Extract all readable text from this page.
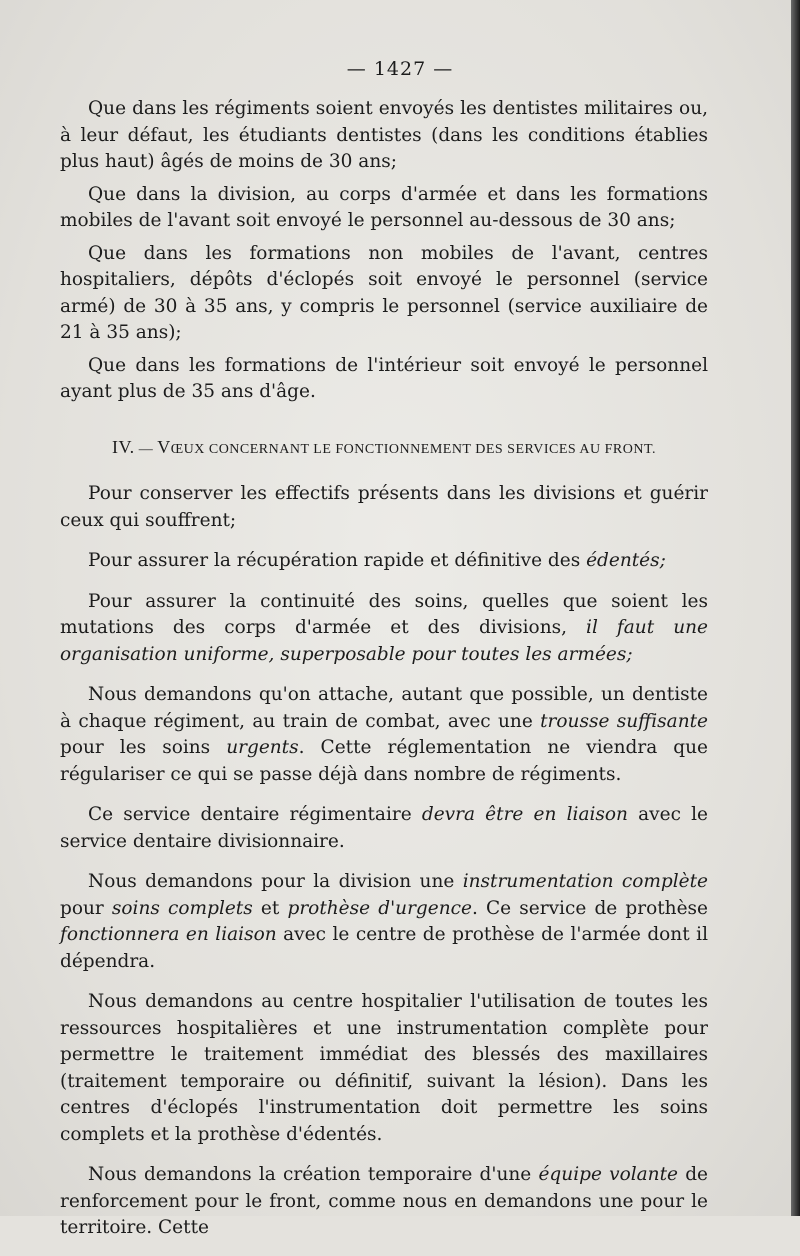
— 1427 —

Que dans les régiments soient envoyés les dentistes militaires ou, à leur défaut, les étudiants dentistes (dans les conditions établies plus haut) âgés de moins de 30 ans;

Que dans la division, au corps d'armée et dans les formations mobiles de l'avant soit envoyé le personnel au-dessous de 30 ans;

Que dans les formations non mobiles de l'avant, centres hospitaliers, dépôts d'éclopés soit envoyé le personnel (service armé) de 30 à 35 ans, y compris le personnel (service auxiliaire de 21 à 35 ans);

Que dans les formations de l'intérieur soit envoyé le personnel ayant plus de 35 ans d'âge.

IV. — VŒUX CONCERNANT LE FONCTIONNEMENT DES SERVICES AU FRONT.

Pour conserver les effectifs présents dans les divisions et guérir ceux qui souffrent;

Pour assurer la récupération rapide et définitive des édentés;

Pour assurer la continuité des soins, quelles que soient les mutations des corps d'armée et des divisions, il faut une organisation uniforme, superposable pour toutes les armées;

Nous demandons qu'on attache, autant que possible, un dentiste à chaque régiment, au train de combat, avec une trousse suffisante pour les soins urgents. Cette réglementation ne viendra que régulariser ce qui se passe déjà dans nombre de régiments.

Ce service dentaire régimentaire devra être en liaison avec le service dentaire divisionnaire.

Nous demandons pour la division une instrumentation complète pour soins complets et prothèse d'urgence. Ce service de prothèse fonctionnera en liaison avec le centre de prothèse de l'armée dont il dépendra.

Nous demandons au centre hospitalier l'utilisation de toutes les ressources hospitalières et une instrumentation complète pour permettre le traitement immédiat des blessés des maxillaires (traitement temporaire ou définitif, suivant la lésion). Dans les centres d'éclopés l'instrumentation doit permettre les soins complets et la prothèse d'édentés.

Nous demandons la création temporaire d'une équipe volante de renforcement pour le front, comme nous en demandons une pour le territoire. Cette
